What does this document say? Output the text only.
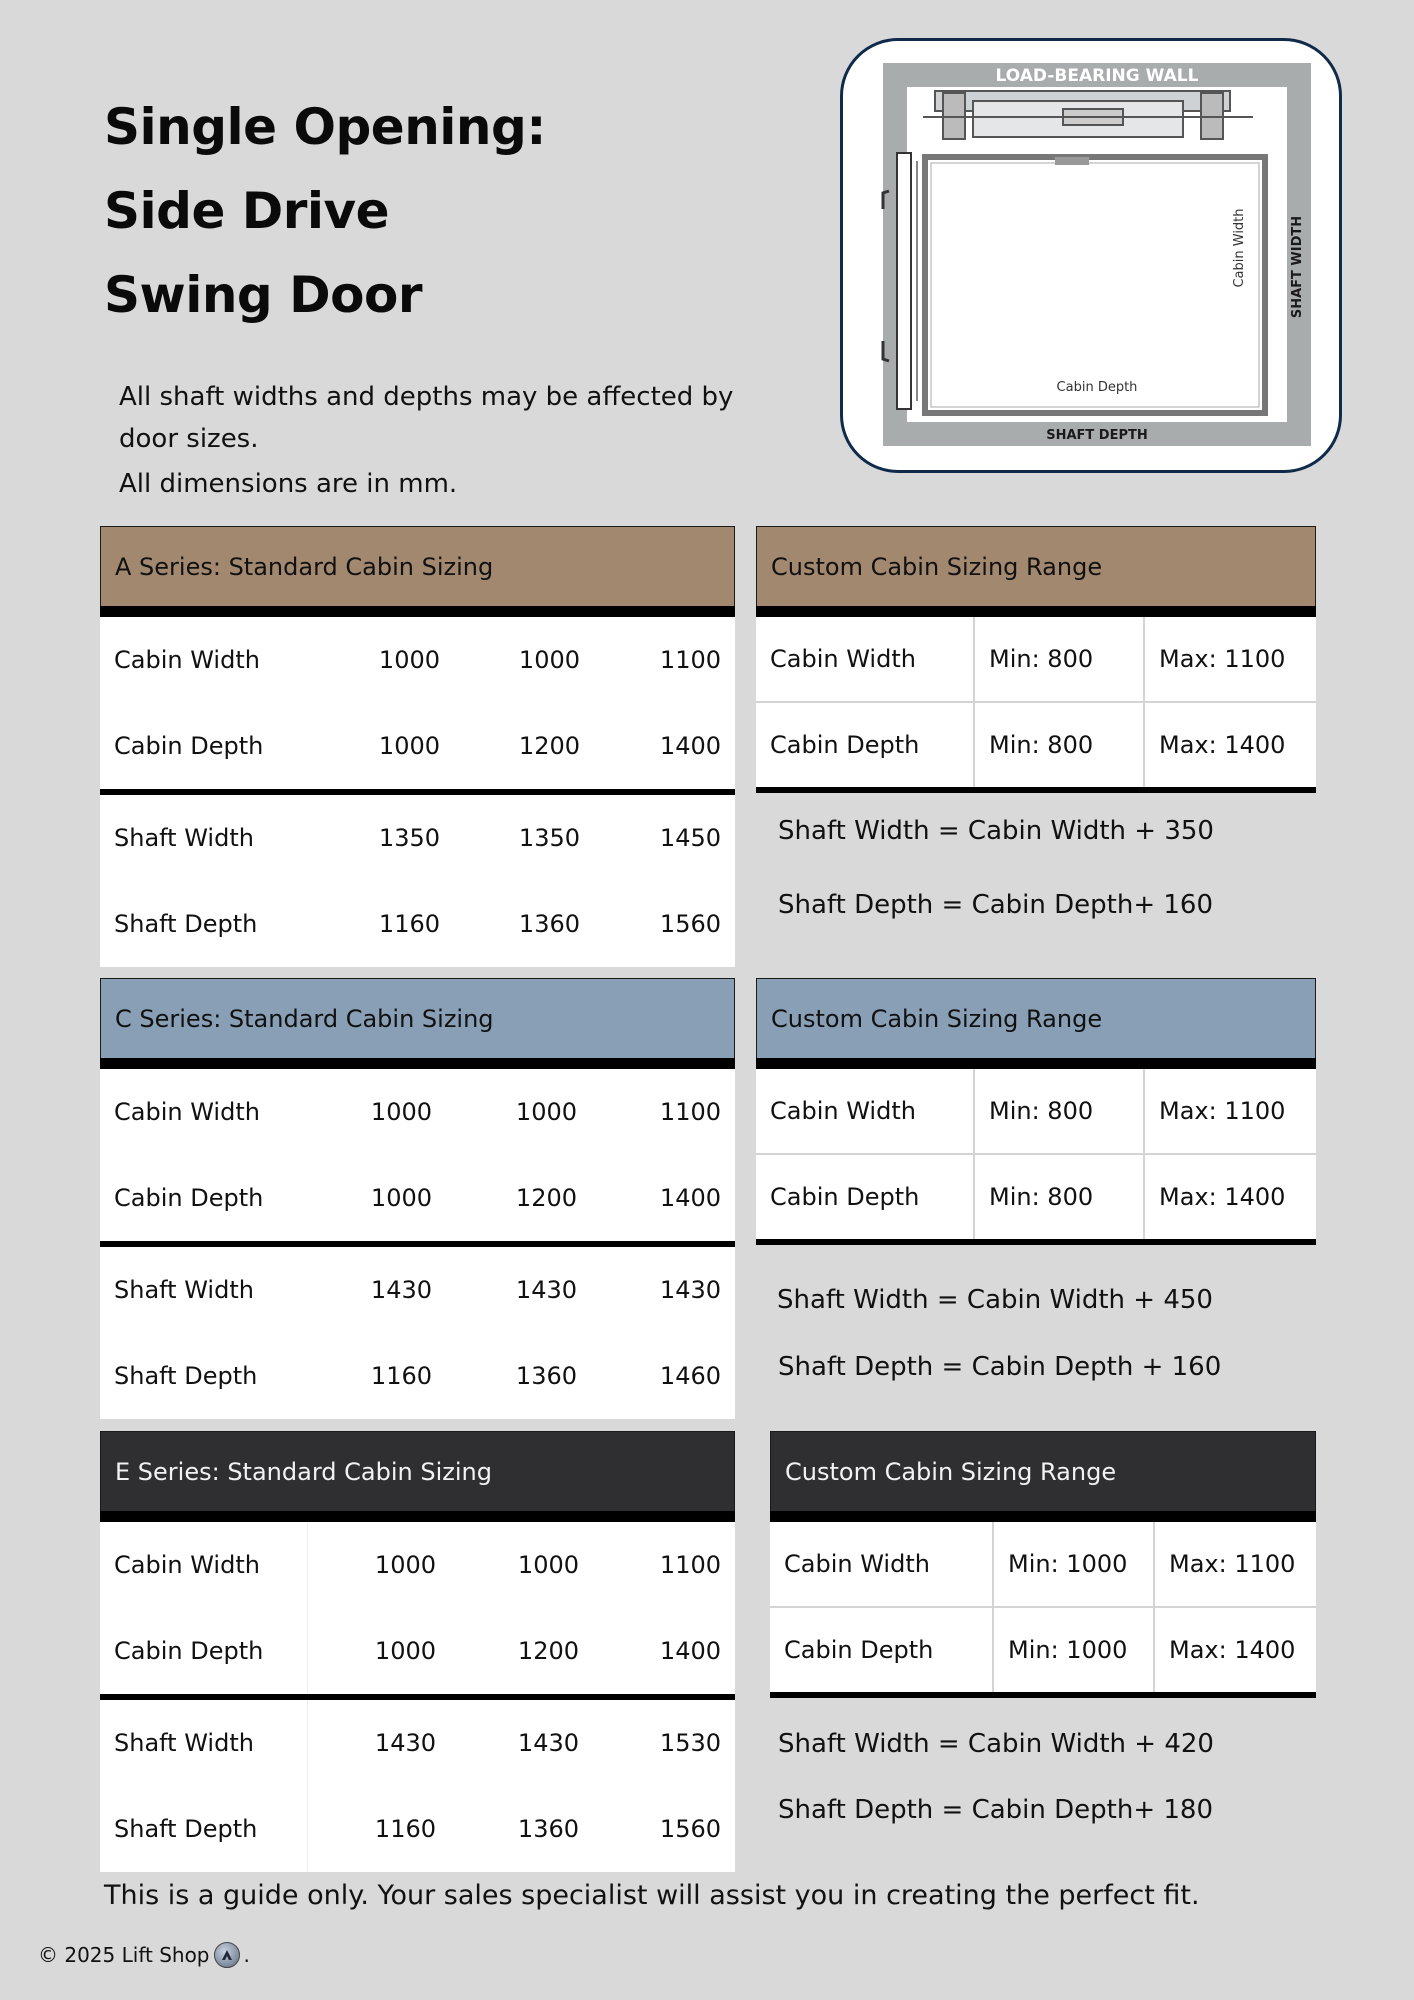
Single Opening:
Side Drive
Swing Door
All shaft widths and depths may be affected by door sizes.
All dimensions are in mm.
LOAD-BEARING WALL
Cabin Width
Cabin Depth
SHAFT WIDTH
SHAFT DEPTH
A Series: Standard Cabin Sizing
Cabin Width	1000	1000	1100
Cabin Depth	1000	1200	1400
Shaft Width	1350	1350	1450
Shaft Depth	1160	1360	1560
Custom Cabin Sizing Range
Cabin Width	Min: 800	Max: 1100
Cabin Depth	Min: 800	Max: 1400
Shaft Width = Cabin Width + 350
Shaft Depth = Cabin Depth+ 160
C Series: Standard Cabin Sizing
Cabin Width	1000	1000	1100
Cabin Depth	1000	1200	1400
Shaft Width	1430	1430	1430
Shaft Depth	1160	1360	1460
Custom Cabin Sizing Range
Cabin Width	Min: 800	Max: 1100
Cabin Depth	Min: 800	Max: 1400
Shaft Width = Cabin Width + 450
Shaft Depth = Cabin Depth + 160
E Series: Standard Cabin Sizing
Cabin Width	1000	1000	1100
Cabin Depth	1000	1200	1400
Shaft Width	1430	1430	1530
Shaft Depth	1160	1360	1560
Custom Cabin Sizing Range
Cabin Width	Min: 1000	Max: 1100
Cabin Depth	Min: 1000	Max: 1400
Shaft Width = Cabin Width + 420
Shaft Depth = Cabin Depth+ 180
This is a guide only. Your sales specialist will assist you in creating the perfect fit.
© 2025 Lift Shop .
